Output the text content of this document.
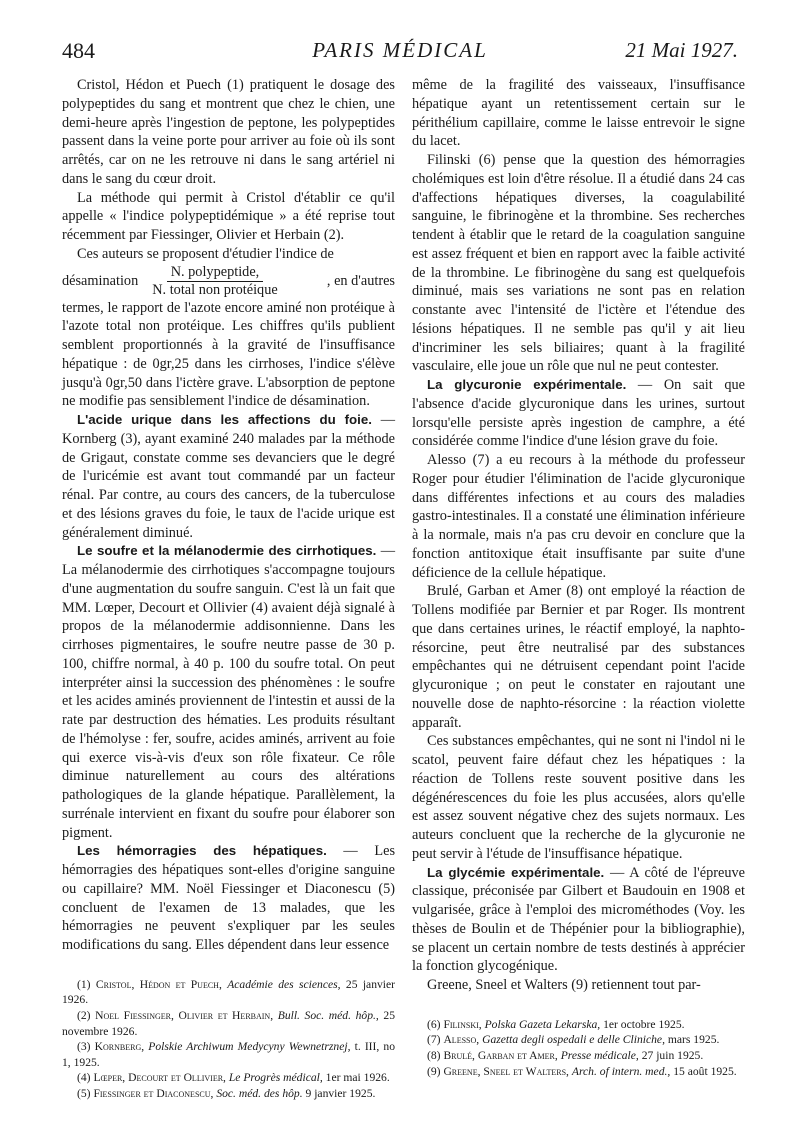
484	PARIS MÉDICAL	21 Mai 1927.

Cristol, Hédon et Puech (1) pratiquent le dosage des polypeptides du sang et montrent que chez le chien, une demi-heure après l'ingestion de peptone, les polypeptides passent dans la veine porte pour arriver au foie où ils sont arrêtés, car on ne les retrouve ni dans le sang artériel ni dans le sang du cœur droit.

La méthode qui permit à Cristol d'établir ce qu'il appelle « l'indice polypeptidémique » a été reprise tout récemment par Fiessinger, Olivier et Herbain (2).

Ces auteurs se proposent d'étudier l'indice de

désamination $\frac{\text{N. polypeptide,}}{\text{N. total non protéique}}$	, en d'autres

termes, le rapport de l'azote encore aminé non protéique à l'azote total non protéique. Les chiffres qu'ils publient semblent proportionnés à la gravité de l'insuffisance hépatique : de 0gr,25 dans les cirrhoses, l'indice s'élève jusqu'à 0gr,50 dans l'ictère grave. L'absorption de peptone ne modifie pas sensiblement l'indice de désamination.

L'acide urique dans les affections du foie. — Kornberg (3), ayant examiné 240 malades par la méthode de Grigaut, constate comme ses devanciers que le degré de l'uricémie est avant tout commandé par un facteur rénal. Par contre, au cours des cancers, de la tuberculose et des lésions graves du foie, le taux de l'acide urique est généralement diminué.

Le soufre et la mélanodermie des cirrhotiques. — La mélanodermie des cirrhotiques s'accompagne toujours d'une augmentation du soufre sanguin. C'est là un fait que MM. Lœper, Decourt et Ollivier (4) avaient déjà signalé à propos de la mélanodermie addisonnienne. Dans les cirrhoses pigmentaires, le soufre neutre passe de 30 p. 100, chiffre normal, à 40 p. 100 du soufre total. On peut interpréter ainsi la succession des phénomènes : le soufre et les acides aminés proviennent de l'intestin et aussi de la rate par destruction des hématies. Les produits résultant de l'hémolyse : fer, soufre, acides aminés, arrivent au foie qui exerce vis-à-vis d'eux son rôle fixateur. Ce rôle diminue naturellement au cours des altérations pathologiques de la glande hépatique. Parallèlement, la surrénale intervient en fixant du soufre pour élaborer son pigment.

Les hémorragies des hépatiques. — Les hémorragies des hépatiques sont-elles d'origine sanguine ou capillaire? MM. Noël Fiessinger et Diaconescu (5) concluent de l'examen de 13 malades, que les hémorragies ne peuvent s'expliquer par les seules modifications du sang. Elles dépendent dans leur essence

(1) Cristol, Hédon et Puech, Académie des sciences, 25 janvier 1926.

(2) Noel Fiessinger, Olivier et Herbain, Bull. Soc. méd. hôp., 25 novembre 1926.

(3) Kornberg, Polskie Archiwum Medycyny Wewnetrznej, t. III, no 1, 1925.

(4) Lœper, Decourt et Ollivier, Le Progrès médical, 1er mai 1926.

(5) Fiessinger et Diaconescu, Soc. méd. des hôp. 9 janvier 1925.

même de la fragilité des vaisseaux, l'insuffisance hépatique ayant un retentissement certain sur le périthélium capillaire, comme le laisse entrevoir le signe du lacet.

Filinski (6) pense que la question des hémorragies cholémiques est loin d'être résolue. Il a étudié dans 24 cas d'affections hépatiques diverses, la coagulabilité sanguine, le fibrinogène et la thrombine. Ses recherches tendent à établir que le retard de la coagulation sanguine est assez fréquent et bien en rapport avec la faible activité de la thrombine. Le fibrinogène du sang est quelquefois diminué, mais ses variations ne sont pas en relation constante avec l'intensité de l'ictère et l'étendue des lésions hépatiques. Il ne semble pas qu'il y ait lieu d'incriminer les sels biliaires; quant à la fragilité vasculaire, elle joue un rôle que nul ne peut contester.

La glycuronie expérimentale. — On sait que l'absence d'acide glycuronique dans les urines, surtout lorsqu'elle persiste après ingestion de camphre, a été considérée comme l'indice d'une lésion grave du foie.

Alesso (7) a eu recours à la méthode du professeur Roger pour étudier l'élimination de l'acide glycuronique dans différentes infections et au cours des maladies gastro-intestinales. Il a constaté une élimination inférieure à la normale, mais n'a pas cru devoir en conclure que la fonction antitoxique était insuffisante par suite d'une déficience de la cellule hépatique.

Brulé, Garban et Amer (8) ont employé la réaction de Tollens modifiée par Bernier et par Roger. Ils montrent que dans certaines urines, le réactif employé, la naphto-résorcine, peut être neutralisé par des substances empêchantes qui ne détruisent cependant point l'acide glycuronique ; on peut le constater en rajoutant une nouvelle dose de naphto-résorcine : la réaction violette apparaît.

Ces substances empêchantes, qui ne sont ni l'indol ni le scatol, peuvent faire défaut chez les hépatiques : la réaction de Tollens reste souvent positive dans les dégénérescences du foie les plus accusées, alors qu'elle est assez souvent négative chez des sujets normaux. Les auteurs concluent que la recherche de la glycuronie ne peut servir à l'étude de l'insuffisance hépatique.

La glycémie expérimentale. — A côté de l'épreuve classique, préconisée par Gilbert et Baudouin en 1908 et vulgarisée, grâce à l'emploi des microméthodes (Voy. les thèses de Boulin et de Thépénier pour la bibliographie), se placent un certain nombre de tests destinés à apprécier la fonction glycogénique.

Greene, Sneel et Walters (9) retiennent tout par-

(6) Filinski, Polska Gazeta Lekarska, 1er octobre 1925.

(7) Alesso, Gazetta degli ospedali e delle Cliniche, mars 1925.

(8) Brulé, Garban et Amer, Presse médicale, 27 juin 1925.

(9) Greene, Sneel et Walters, Arch. of intern. med., 15 août 1925.
